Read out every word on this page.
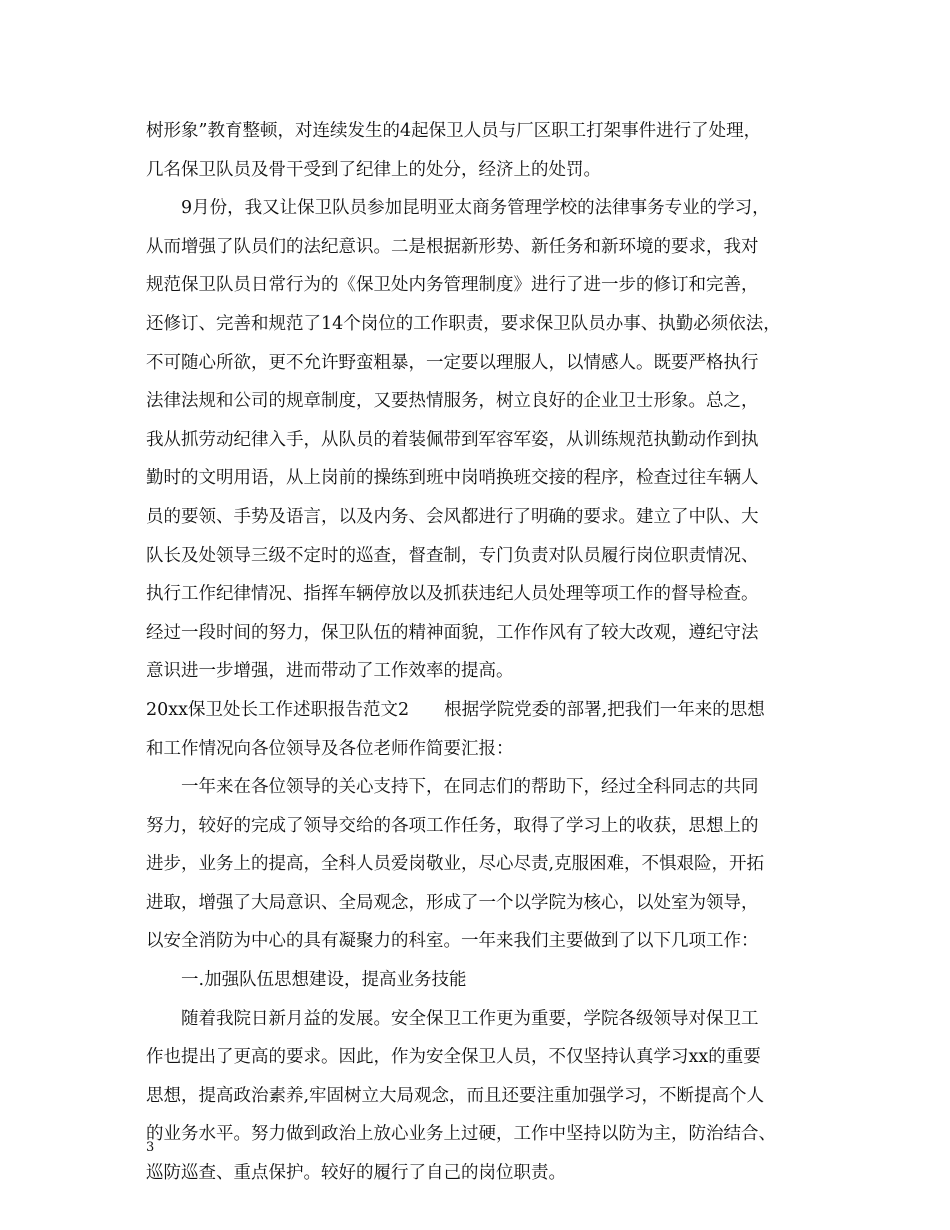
树形象”教育整顿，对连续发生的4起保卫人员与厂区职工打架事件进行了处理，
几名保卫队员及骨干受到了纪律上的处分，经济上的处罚。
9月份，我又让保卫队员参加昆明亚太商务管理学校的法律事务专业的学习，
从而增强了队员们的法纪意识。二是根据新形势、新任务和新环境的要求，我对
规范保卫队员日常行为的《保卫处内务管理制度》进行了进一步的修订和完善，
还修订、完善和规范了14个岗位的工作职责，要求保卫队员办事、执勤必须依法，
不可随心所欲，更不允许野蛮粗暴，一定要以理服人，以情感人。既要严格执行
法律法规和公司的规章制度，又要热情服务，树立良好的企业卫士形象。总之，
我从抓劳动纪律入手，从队员的着装佩带到军容军姿，从训练规范执勤动作到执
勤时的文明用语，从上岗前的操练到班中岗哨换班交接的程序，检查过往车辆人
员的要领、手势及语言，以及内务、会风都进行了明确的要求。建立了中队、大
队长及处领导三级不定时的巡查，督查制，专门负责对队员履行岗位职责情况、
执行工作纪律情况、指挥车辆停放以及抓获违纪人员处理等项工作的督导检查。
经过一段时间的努力，保卫队伍的精神面貌，工作作风有了较大改观，遵纪守法
意识进一步增强，进而带动了工作效率的提高。
20xx保卫处长工作述职报告范文2　　根据学院党委的部署,把我们一年来的思想
和工作情况向各位领导及各位老师作简要汇报：
一年来在各位领导的关心支持下，在同志们的帮助下，经过全科同志的共同
努力，较好的完成了领导交给的各项工作任务，取得了学习上的收获，思想上的
进步，业务上的提高，全科人员爱岗敬业，尽心尽责,克服困难，不惧艰险，开拓
进取，增强了大局意识、全局观念，形成了一个以学院为核心，以处室为领导，
以安全消防为中心的具有凝聚力的科室。一年来我们主要做到了以下几项工作：
一.加强队伍思想建设，提高业务技能
随着我院日新月益的发展。安全保卫工作更为重要，学院各级领导对保卫工
作也提出了更高的要求。因此，作为安全保卫人员，不仅坚持认真学习xx的重要
思想，提高政治素养,牢固树立大局观念，而且还要注重加强学习，不断提高个人
的业务水平。努力做到政治上放心业务上过硬，工作中坚持以防为主，防治结合、
巡防巡查、重点保护。较好的履行了自己的岗位职责。
3
